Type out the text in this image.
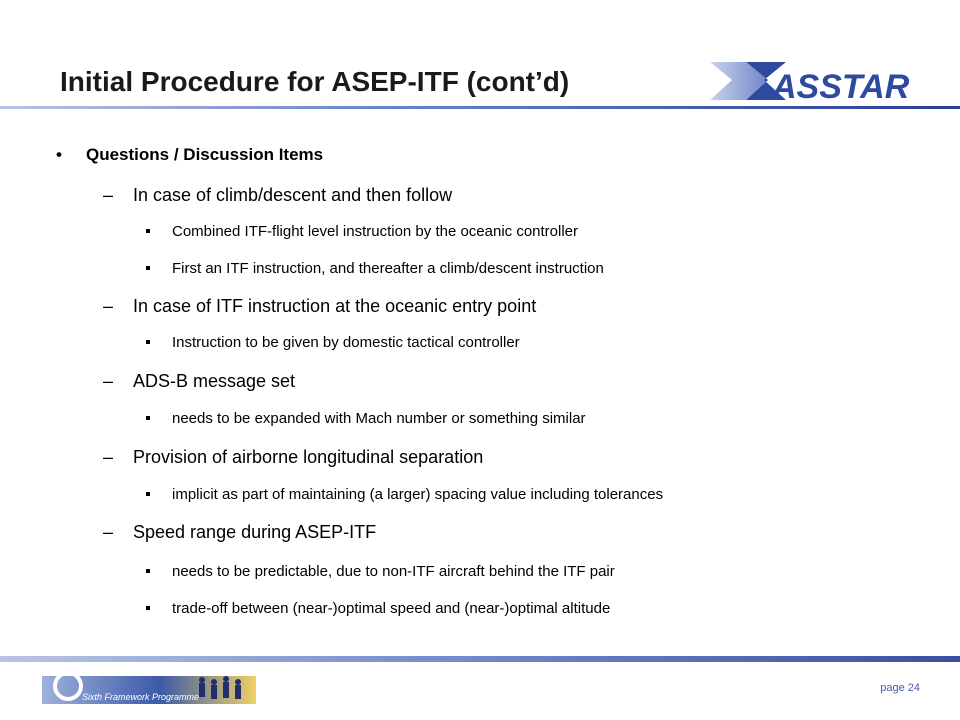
Initial Procedure for ASEP-ITF (cont’d)	ASSTAR
• Questions / Discussion Items
– In case of climb/descent and then follow
Combined ITF-flight level instruction by the oceanic controller
First an ITF instruction, and thereafter a climb/descent instruction
– In case of ITF instruction at the oceanic entry point
Instruction to be given by domestic tactical controller
– ADS-B message set
needs to be expanded with Mach number or something similar
– Provision of airborne longitudinal separation
implicit as part of maintaining (a larger) spacing value including tolerances
– Speed range during ASEP-ITF
needs to be predictable, due to non-ITF aircraft behind the ITF pair
trade-off between (near-)optimal speed and (near-)optimal altitude
Sixth Framework Programme
page 24
